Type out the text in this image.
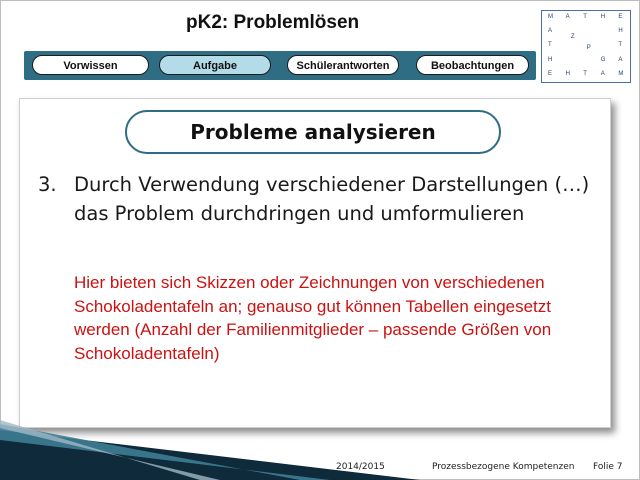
pK2: Problemlösen	M A T H E
A
Z
H
T	P	T
H	G A
E H T A M
Vorwissen	Aufgabe	Schülerantworten	Beobachtungen
Probleme analysieren
3. Durch Verwendung verschiedener Darstellungen (…) das Problem durchdringen und umformulieren
Hier bieten sich Skizzen oder Zeichnungen von verschiedenen Schokoladentafeln an; genauso gut können Tabellen eingesetzt werden (Anzahl der Familienmitglieder – passende Größen von Schokoladentafeln)
2014/2015	Prozessbezogene Kompetenzen Folie 7
